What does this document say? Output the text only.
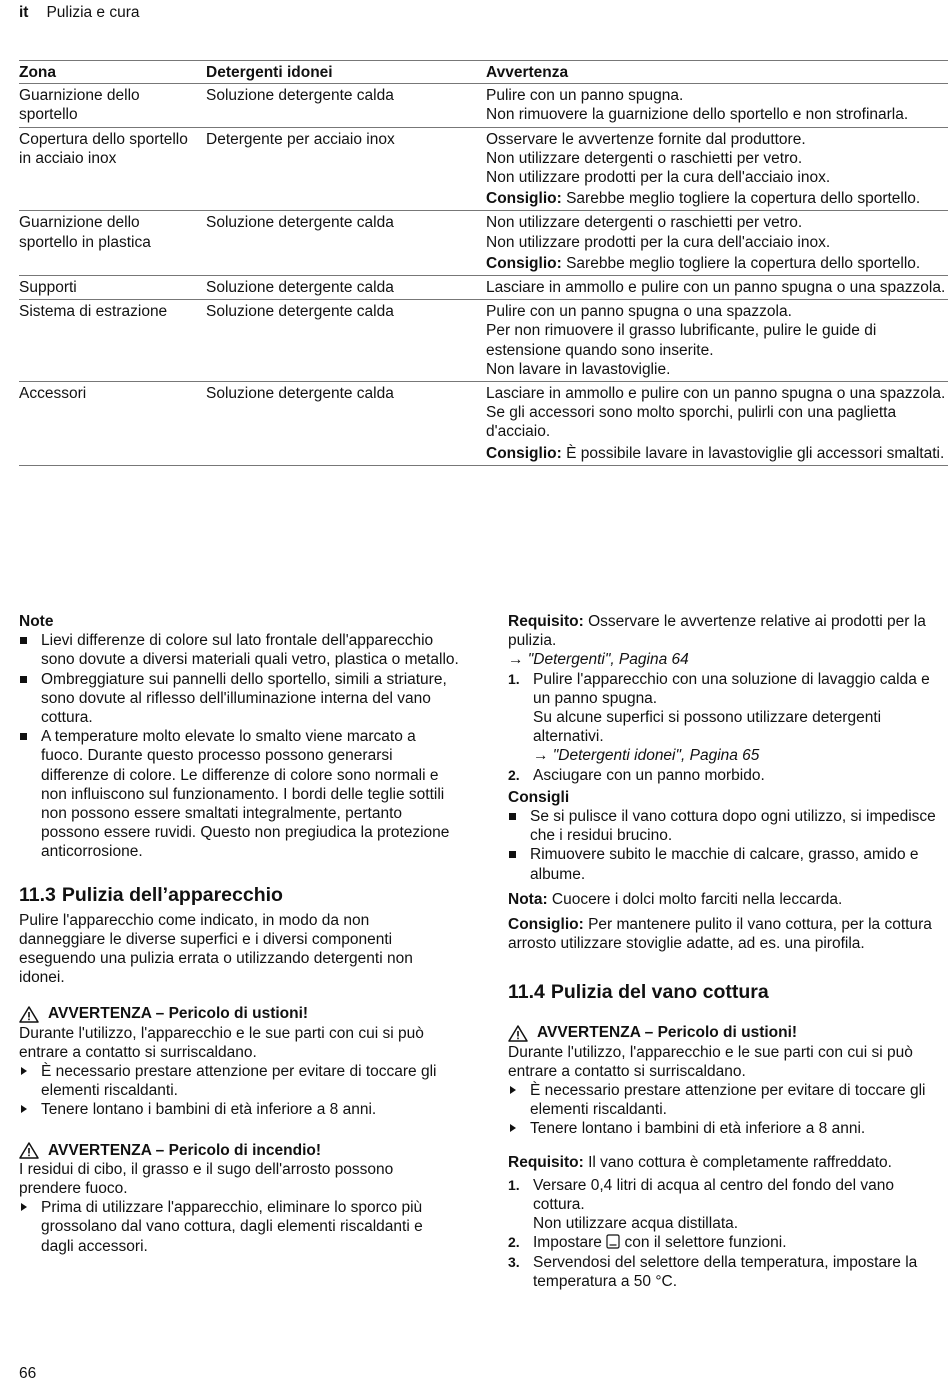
it Pulizia e cura
Zona	Detergenti idonei	Avvertenza
Guarnizione dello sportello	Soluzione detergente calda	Pulire con un panno spugna.
Non rimuovere la guarnizione dello sportello e non strofinarla.

Copertura dello sportello in acciaio inox	Detergente per acciaio inox	Osservare le avvertenze fornite dal produttore.
Non utilizzare detergenti o raschietti per vetro.
Non utilizzare prodotti per la cura dell'acciaio inox.
Consiglio: Sarebbe meglio togliere la copertura dello sportello.

Guarnizione dello sportello in plastica	Soluzione detergente calda	Non utilizzare detergenti o raschietti per vetro.
Non utilizzare prodotti per la cura dell'acciaio inox.
Consiglio: Sarebbe meglio togliere la copertura dello sportello.

Supporti	Soluzione detergente calda	Lasciare in ammollo e pulire con un panno spugna o una spazzola.

Sistema di estrazione	Soluzione detergente calda	Pulire con un panno spugna o una spazzola.
Per non rimuovere il grasso lubrificante, pulire le guide di estensione quando sono inserite.
Non lavare in lavastoviglie.

Accessori	Soluzione detergente calda	Lasciare in ammollo e pulire con un panno spugna o una spazzola.
Se gli accessori sono molto sporchi, pulirli con una paglietta d'acciaio.
Consiglio: È possibile lavare in lavastoviglie gli accessori smaltati.
Note
Lievi differenze di colore sul lato frontale dell'apparecchio sono dovute a diversi materiali quali vetro, plastica o metallo.
Ombreggiature sui pannelli dello sportello, simili a striature, sono dovute al riflesso dell'illuminazione interna del vano cottura.
A temperature molto elevate lo smalto viene marcato a fuoco. Durante questo processo possono generarsi differenze di colore. Le differenze di colore sono normali e non influiscono sul funzionamento. I bordi delle teglie sottili non possono essere smaltati integralmente, pertanto possono essere ruvidi. Questo non pregiudica la protezione anticorrosione.
11.3 Pulizia dell’apparecchio

Pulire l'apparecchio come indicato, in modo da non danneggiare le diverse superfici e i diversi componenti eseguendo una pulizia errata o utilizzando detergenti non idonei.

AVVERTENZA – Pericolo di ustioni!

Durante l'utilizzo, l'apparecchio e le sue parti con cui si può entrare a contatto si surriscaldano.

È necessario prestare attenzione per evitare di toccare gli elementi riscaldanti.
Tenere lontano i bambini di età inferiore a 8 anni.
AVVERTENZA – Pericolo di incendio!

I residui di cibo, il grasso e il sugo dell'arrosto possono prendere fuoco.

Prima di utilizzare l'apparecchio, eliminare lo sporco più grossolano dal vano cottura, dagli elementi riscaldanti e dagli accessori.

Requisito: Osservare le avvertenze relative ai prodotti per la pulizia.

→ "Detergenti", Pagina 64

1. Pulire l'apparecchio con una soluzione di lavaggio calda e un panno spugna.
Su alcune superfici si possono utilizzare detergenti alternativi.
→ "Detergenti idonei", Pagina 65
2. Asciugare con un panno morbido.
Consigli
Se si pulisce il vano cottura dopo ogni utilizzo, si impedisce che i residui brucino.
Rimuovere subito le macchie di calcare, grasso, amido e albume.

Nota: Cuocere i dolci molto farciti nella leccarda.

Consiglio: Per mantenere pulito il vano cottura, per la cottura arrosto utilizzare stoviglie adatte, ad es. una pirofila.

11.4 Pulizia del vano cottura
AVVERTENZA – Pericolo di ustioni!

Durante l'utilizzo, l'apparecchio e le sue parti con cui si può entrare a contatto si surriscaldano.

È necessario prestare attenzione per evitare di toccare gli elementi riscaldanti.
Tenere lontano i bambini di età inferiore a 8 anni.

Requisito: Il vano cottura è completamente raffreddato.

1. Versare 0,4 litri di acqua al centro del fondo del vano cottura.
Non utilizzare acqua distillata.
2. Impostare con il selettore funzioni.
3. Servendosi del selettore della temperatura, impostare la temperatura a 50 °C.
66
